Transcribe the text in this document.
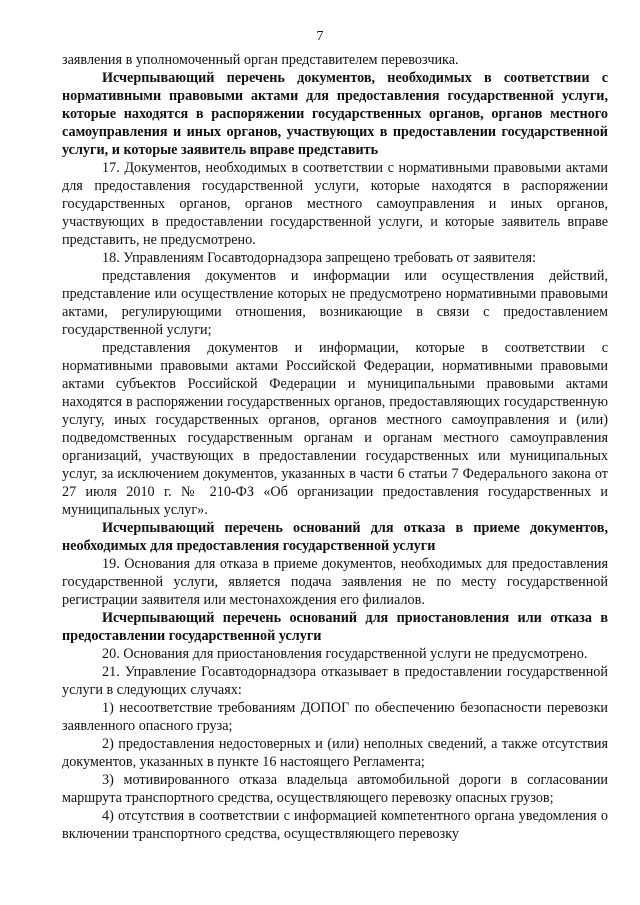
7

заявления в уполномоченный орган представителем перевозчика.

Исчерпывающий перечень документов, необходимых в соответствии с нормативными правовыми актами для предоставления государственной услуги, которые находятся в распоряжении государственных органов, органов местного самоуправления и иных органов, участвующих в предоставлении государственной услуги, и которые заявитель вправе представить

17. Документов, необходимых в соответствии с нормативными правовыми актами для предоставления государственной услуги, которые находятся в распоряжении государственных органов, органов местного самоуправления и иных органов, участвующих в предоставлении государственной услуги, и которые заявитель вправе представить, не предусмотрено.

18. Управлениям Госавтодорнадзора запрещено требовать от заявителя:

представления документов и информации или осуществления действий, представление или осуществление которых не предусмотрено нормативными правовыми актами, регулирующими отношения, возникающие в связи с предоставлением государственной услуги;

представления документов и информации, которые в соответствии с нормативными правовыми актами Российской Федерации, нормативными правовыми актами субъектов Российской Федерации и муниципальными правовыми актами находятся в распоряжении государственных органов, предоставляющих государственную услугу, иных государственных органов, органов местного самоуправления и (или) подведомственных государственным органам и органам местного самоуправления организаций, участвующих в предоставлении государственных или муниципальных услуг, за исключением документов, указанных в части 6 статьи 7 Федерального закона от 27 июля 2010 г. № 210-ФЗ «Об организации предоставления государственных и муниципальных услуг».

Исчерпывающий перечень оснований для отказа в приеме документов, необходимых для предоставления государственной услуги

19. Основания для отказа в приеме документов, необходимых для предоставления государственной услуги, является подача заявления не по месту государственной регистрации заявителя или местонахождения его филиалов.

Исчерпывающий перечень оснований для приостановления или отказа в предоставлении государственной услуги

20. Основания для приостановления государственной услуги не предусмотрено.

21. Управление Госавтодорнадзора отказывает в предоставлении государственной услуги в следующих случаях:

1) несоответствие требованиям ДОПОГ по обеспечению безопасности перевозки заявленного опасного груза;

2) предоставления недостоверных и (или) неполных сведений, а также отсутствия документов, указанных в пункте 16 настоящего Регламента;

3) мотивированного отказа владельца автомобильной дороги в согласовании маршрута транспортного средства, осуществляющего перевозку опасных грузов;

4) отсутствия в соответствии с информацией компетентного органа уведомления о включении транспортного средства, осуществляющего перевозку
